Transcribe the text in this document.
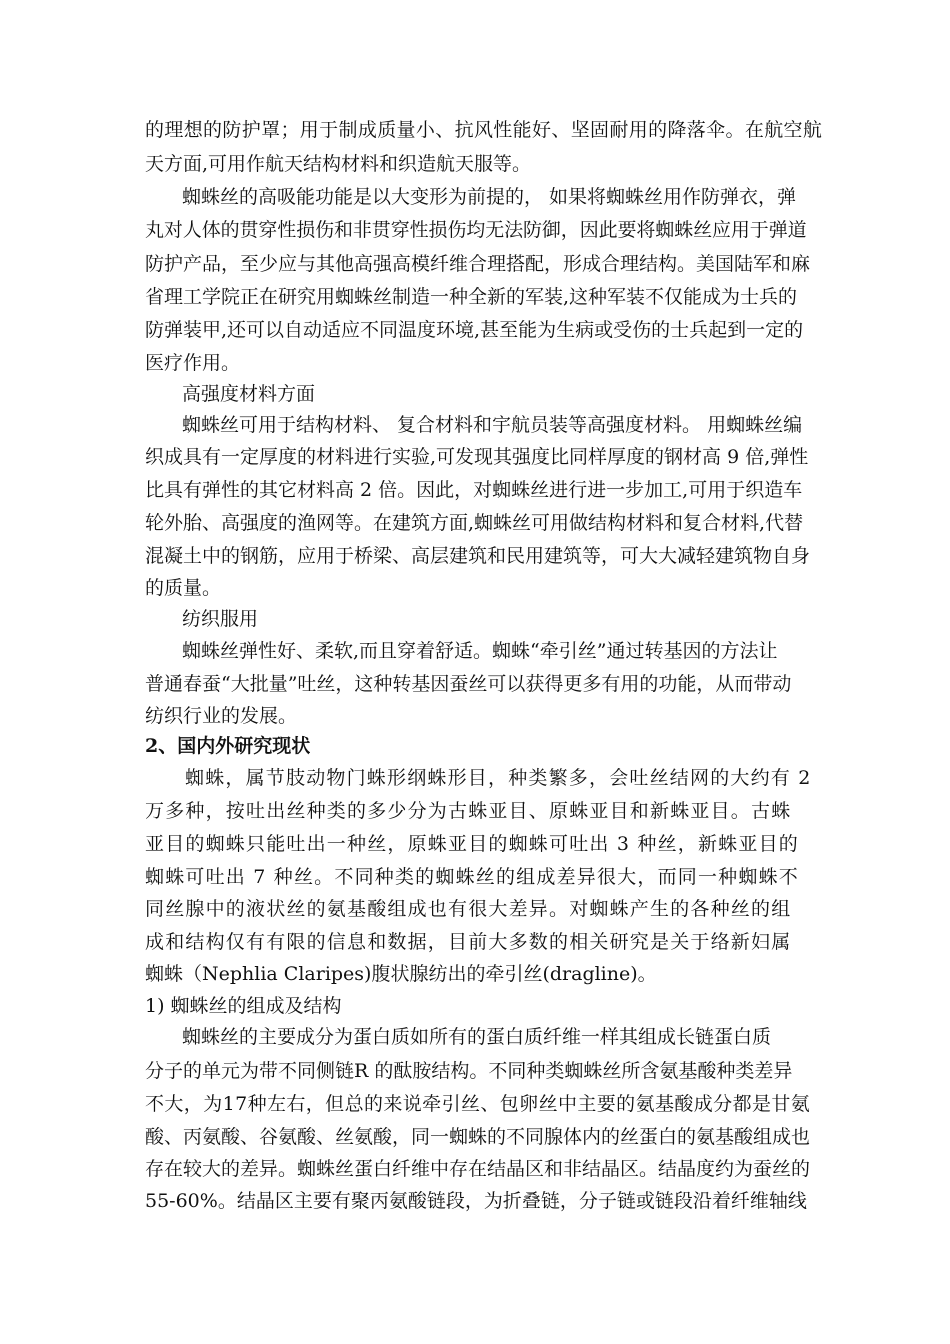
的理想的防护罩；用于制成质量小、抗风性能好、坚固耐用的降落伞。在航空航
天方面,可用作航天结构材料和织造航天服等。
蜘蛛丝的高吸能功能是以大变形为前提的， 如果将蜘蛛丝用作防弹衣，弹
丸对人体的贯穿性损伤和非贯穿性损伤均无法防御，因此要将蜘蛛丝应用于弹道
防护产品，至少应与其他高强高模纤维合理搭配，形成合理结构。美国陆军和麻
省理工学院正在研究用蜘蛛丝制造一种全新的军装,这种军装不仅能成为士兵的
防弹装甲,还可以自动适应不同温度环境,甚至能为生病或受伤的士兵起到一定的
医疗作用。
高强度材料方面
蜘蛛丝可用于结构材料、 复合材料和宇航员装等高强度材料。 用蜘蛛丝编
织成具有一定厚度的材料进行实验,可发现其强度比同样厚度的钢材高 9 倍,弹性
比具有弹性的其它材料高 2 倍。因此，对蜘蛛丝进行进一步加工,可用于织造车
轮外胎、高强度的渔网等。在建筑方面,蜘蛛丝可用做结构材料和复合材料,代替
混凝土中的钢筋，应用于桥梁、高层建筑和民用建筑等，可大大减轻建筑物自身
的质量。
纺织服用
蜘蛛丝弹性好、柔软,而且穿着舒适。蜘蛛“牵引丝”通过转基因的方法让
普通春蚕“大批量”吐丝，这种转基因蚕丝可以获得更多有用的功能，从而带动
纺织行业的发展。
2、国内外研究现状
蜘蛛，属节肢动物门蛛形纲蛛形目，种类繁多，会吐丝结网的大约有 2
万多种，按吐出丝种类的多少分为古蛛亚目、原蛛亚目和新蛛亚目。古蛛
亚目的蜘蛛只能吐出一种丝，原蛛亚目的蜘蛛可吐出 3 种丝，新蛛亚目的
蜘蛛可吐出 7 种丝。不同种类的蜘蛛丝的组成差异很大，而同一种蜘蛛不
同丝腺中的液状丝的氨基酸组成也有很大差异。对蜘蛛产生的各种丝的组
成和结构仅有有限的信息和数据，目前大多数的相关研究是关于络新妇属
蜘蛛（Nephlia Claripes)腹状腺纺出的牵引丝(dragline)。
1) 蜘蛛丝的组成及结构
蜘蛛丝的主要成分为蛋白质如所有的蛋白质纤维一样其组成长链蛋白质
分子的单元为带不同侧链R 的酞胺结构。不同种类蜘蛛丝所含氨基酸种类差异
不大，为17种左右，但总的来说牵引丝、包卵丝中主要的氨基酸成分都是甘氨
酸、丙氨酸、谷氨酸、丝氨酸，同一蜘蛛的不同腺体内的丝蛋白的氨基酸组成也
存在较大的差异。蜘蛛丝蛋白纤维中存在结晶区和非结晶区。结晶度约为蚕丝的
55-60%。结晶区主要有聚丙氨酸链段，为折叠链，分子链或链段沿着纤维轴线
